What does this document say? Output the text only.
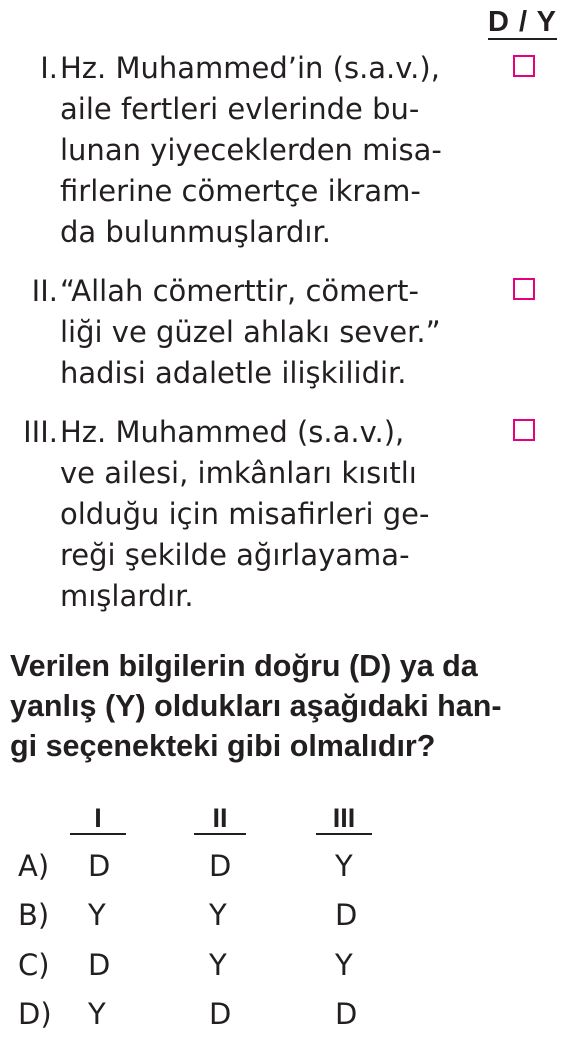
D / Y
I. Hz. Muhammed’in (s.a.v.),
aile fertleri evlerinde bu-
lunan yiyeceklerden misa-
firlerine cömertçe ikram-
da bulunmuşlardır.
II. “Allah cömerttir, cömert-
liği ve güzel ahlakı sever.”
hadisi adaletle ilişkilidir.
III. Hz. Muhammed (s.a.v.),
ve ailesi, imkânları kısıtlı
olduğu için misafirleri ge-
reği şekilde ağırlayama-
mışlardır.
Verilen bilgilerin doğru (D) ya da
yanlış (Y) oldukları aşağıdaki han-
gi seçenekteki gibi olmalıdır?
I	II	III
A) D	D	Y
B) Y	Y	D
C) D	Y	Y
D) Y	D	D
